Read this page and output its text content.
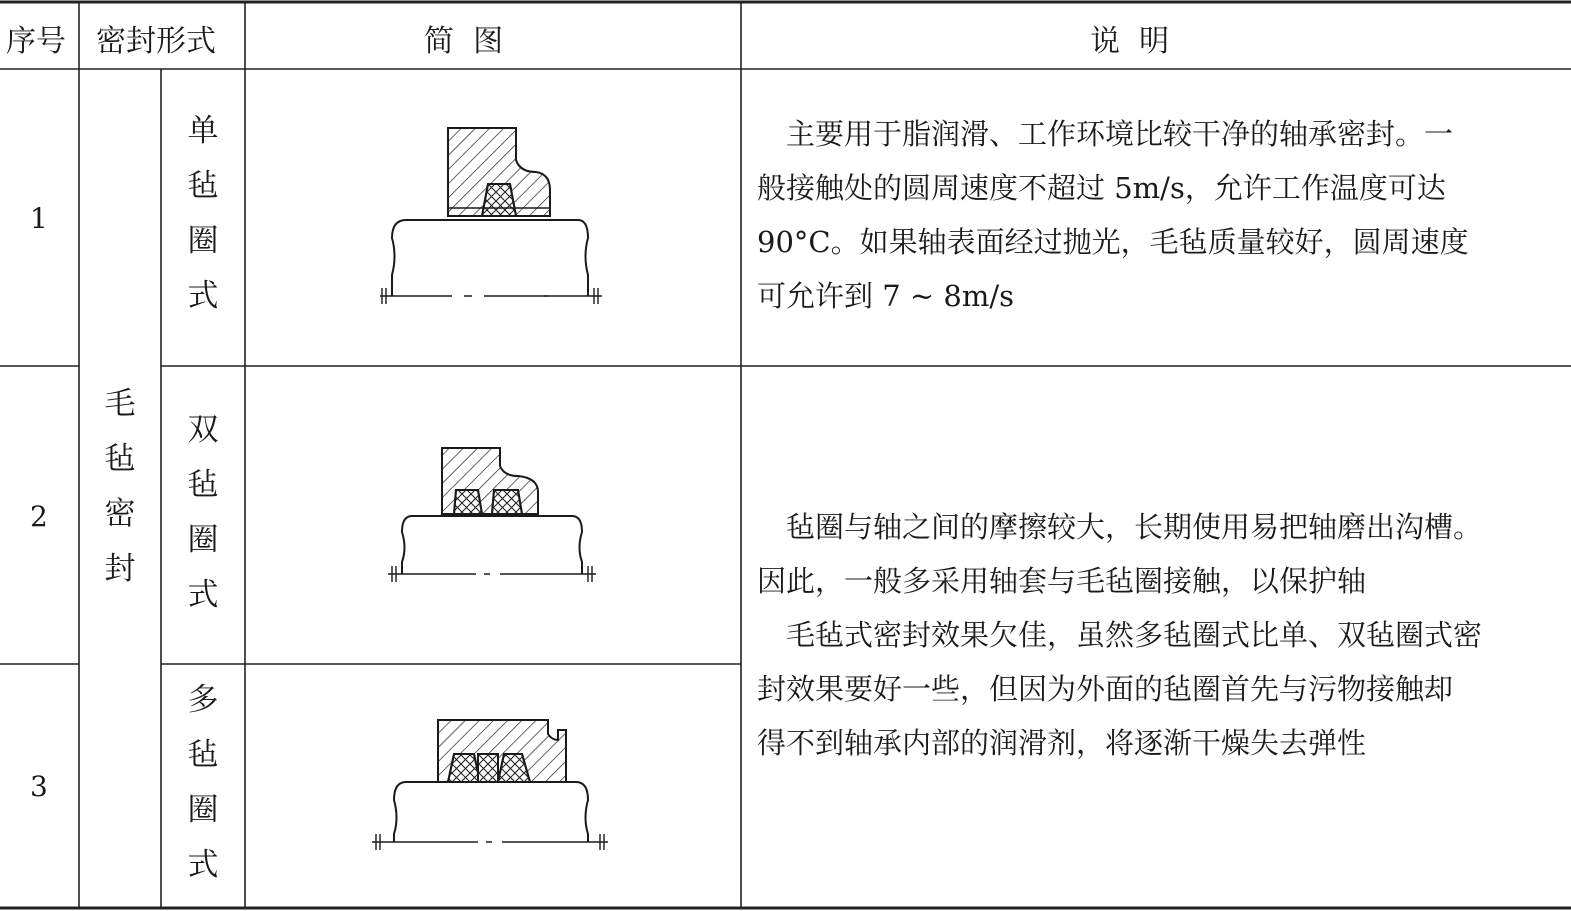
序号 密封形式	简  图	说  明
1
2
3
毛
毡
密
封
单
毡
圈
式
双
毡
圈
式
多
毡
圈
式

　主要用于脂润滑、工作环境比较干净的轴承密封。一

般接触处的圆周速度不超过 5m/s，允许工作温度可达

90°C。如果轴表面经过抛光，毛毡质量较好，圆周速度

可允许到 7 ~ 8m/s

　毡圈与轴之间的摩擦较大，长期使用易把轴磨出沟槽。

因此，一般多采用轴套与毛毡圈接触，以保护轴

　毛毡式密封效果欠佳，虽然多毡圈式比单、双毡圈式密

封效果要好一些，但因为外面的毡圈首先与污物接触却

得不到轴承内部的润滑剂，将逐渐干燥失去弹性
